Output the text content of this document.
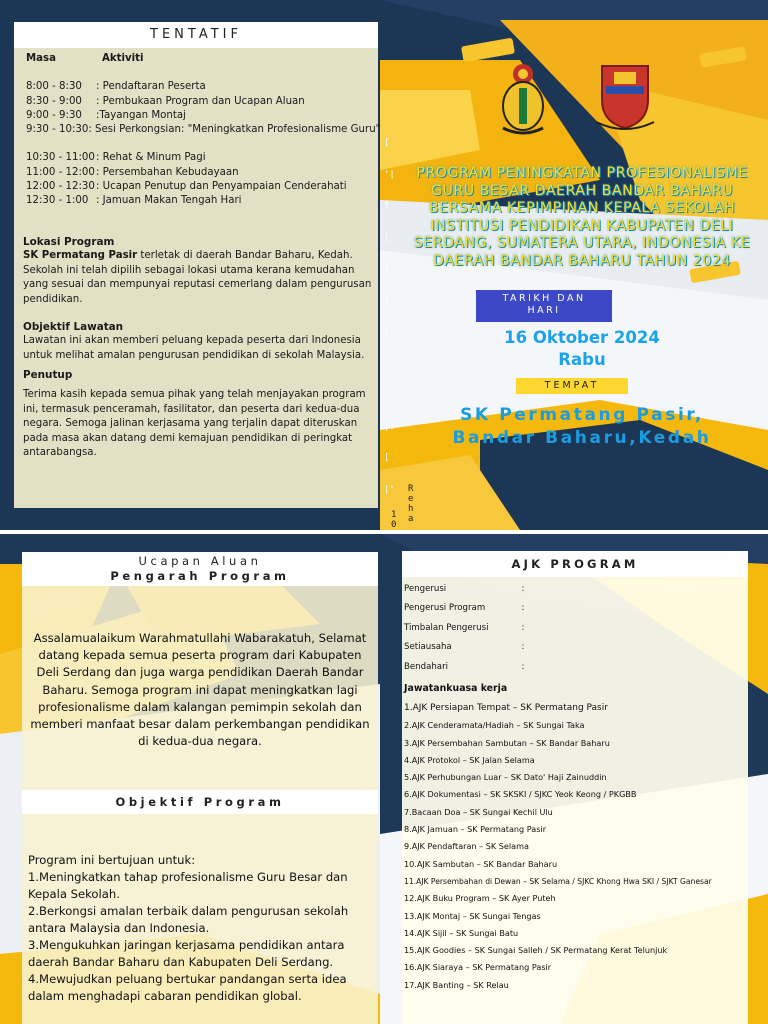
TENTATIF
Masa	Aktiviti
8:00 - 8:30	: Pendaftaran Peserta
8:30 - 9:00	: Pembukaan Program dan Ucapan Aluan
9:00 - 9:30	:Tayangan Montaj
9:30 - 10:30 : Sesi Perkongsian: "Meningkatkan Profesionalisme Guru"
10:30 - 11:00 : Rehat & Minum Pagi
11:00 - 12:00 : Persembahan Kebudayaan
12:00 - 12:30 : Ucapan Penutup dan Penyampaian Cenderahati
12:30 - 1:00 : Jamuan Makan Tengah Hari
Lokasi Program
SK Permatang Pasir terletak di daerah Bandar Baharu, Kedah.
Sekolah ini telah dipilih sebagai lokasi utama kerana kemudahan yang sesuai dan mempunyai reputasi cemerlang dalam pengurusan pendidikan.
Objektif Lawatan
Lawatan ini akan memberi peluang kepada peserta dari Indonesia untuk melihat amalan pengurusan pendidikan di sekolah Malaysia.
Penutup
Terima kasih kepada semua pihak yang telah menjayakan program ini, termasuk penceramah, fasilitator, dan peserta dari kedua-dua negara. Semoga jalinan kerjasama yang terjalin dapat diteruskan pada masa akan datang demi kemajuan pendidikan di peringkat antarabangsa.
[
'|
f
|
l
[
|'
''
"
|:
[
|'	R
e
h
a
1
0
PROGRAM PENINGKATAN PROFESIONALISME GURU BESAR DAERAH BANDAR BAHARU BERSAMA KEPIMPINAN KEPALA SEKOLAH INSTITUSI PENDIDIKAN KABUPATEN DELI SERDANG, SUMATERA UTARA, INDONESIA KE DAERAH BANDAR BAHARU TAHUN 2024
TARIKH DAN
HARI
16 Oktober 2024
Rabu
TEMPAT
SK Permatang Pasir,
Bandar Baharu,Kedah
Ucapan Aluan
Pengarah Program
Assalamualaikum Warahmatullahi Wabarakatuh, Selamat datang kepada semua peserta program dari Kabupaten Deli Serdang dan juga warga pendidikan Daerah Bandar Baharu. Semoga program ini dapat meningkatkan lagi profesionalisme dalam kalangan pemimpin sekolah dan memberi manfaat besar dalam perkembangan pendidikan di kedua-dua negara.
Objektif Program
Program ini bertujuan untuk:
1.Meningkatkan tahap profesionalisme Guru Besar dan Kepala Sekolah.
2.Berkongsi amalan terbaik dalam pengurusan sekolah antara Malaysia dan Indonesia.
3.Mengukuhkan jaringan kerjasama pendidikan antara daerah Bandar Baharu dan Kabupaten Deli Serdang.
4.Mewujudkan peluang bertukar pandangan serta idea dalam menghadapi cabaran pendidikan global.
AJK PROGRAM
Pengerusi	:
Pengerusi Program	:
Timbalan Pengerusi	:
Setiausaha	:
Bendahari	:
Jawatankuasa kerja
1.AJK Persiapan Tempat – SK Permatang Pasir
2.AJK Cenderamata/Hadiah – SK Sungai Taka
3.AJK Persembahan Sambutan – SK Bandar Baharu
4.AJK Protokol – SK Jalan Selama
5.AJK Perhubungan Luar – SK Dato' Haji Zainuddin
6.AJK Dokumentasi – SK SKSKI / SJKC Yeok Keong / PKGBB
7.Bacaan Doa – SK Sungai Kechil Ulu
8.AJK Jamuan – SK Permatang Pasir
9.AJK Pendaftaran – SK Selama
10.AJK Sambutan – SK Bandar Baharu
11.AJK Persembahan di Dewan – SK Selama / SJKC Khong Hwa SKI / SJKT Ganesar
12.AJK Buku Program – SK Ayer Puteh
13.AJK Montaj – SK Sungai Tengas
14.AJK Sijil – SK Sungai Batu
15.AJK Goodies – SK Sungai Salleh / SK Permatang Kerat Telunjuk
16.AJK Siaraya – SK Permatang Pasir
17.AJK Banting – SK Relau
